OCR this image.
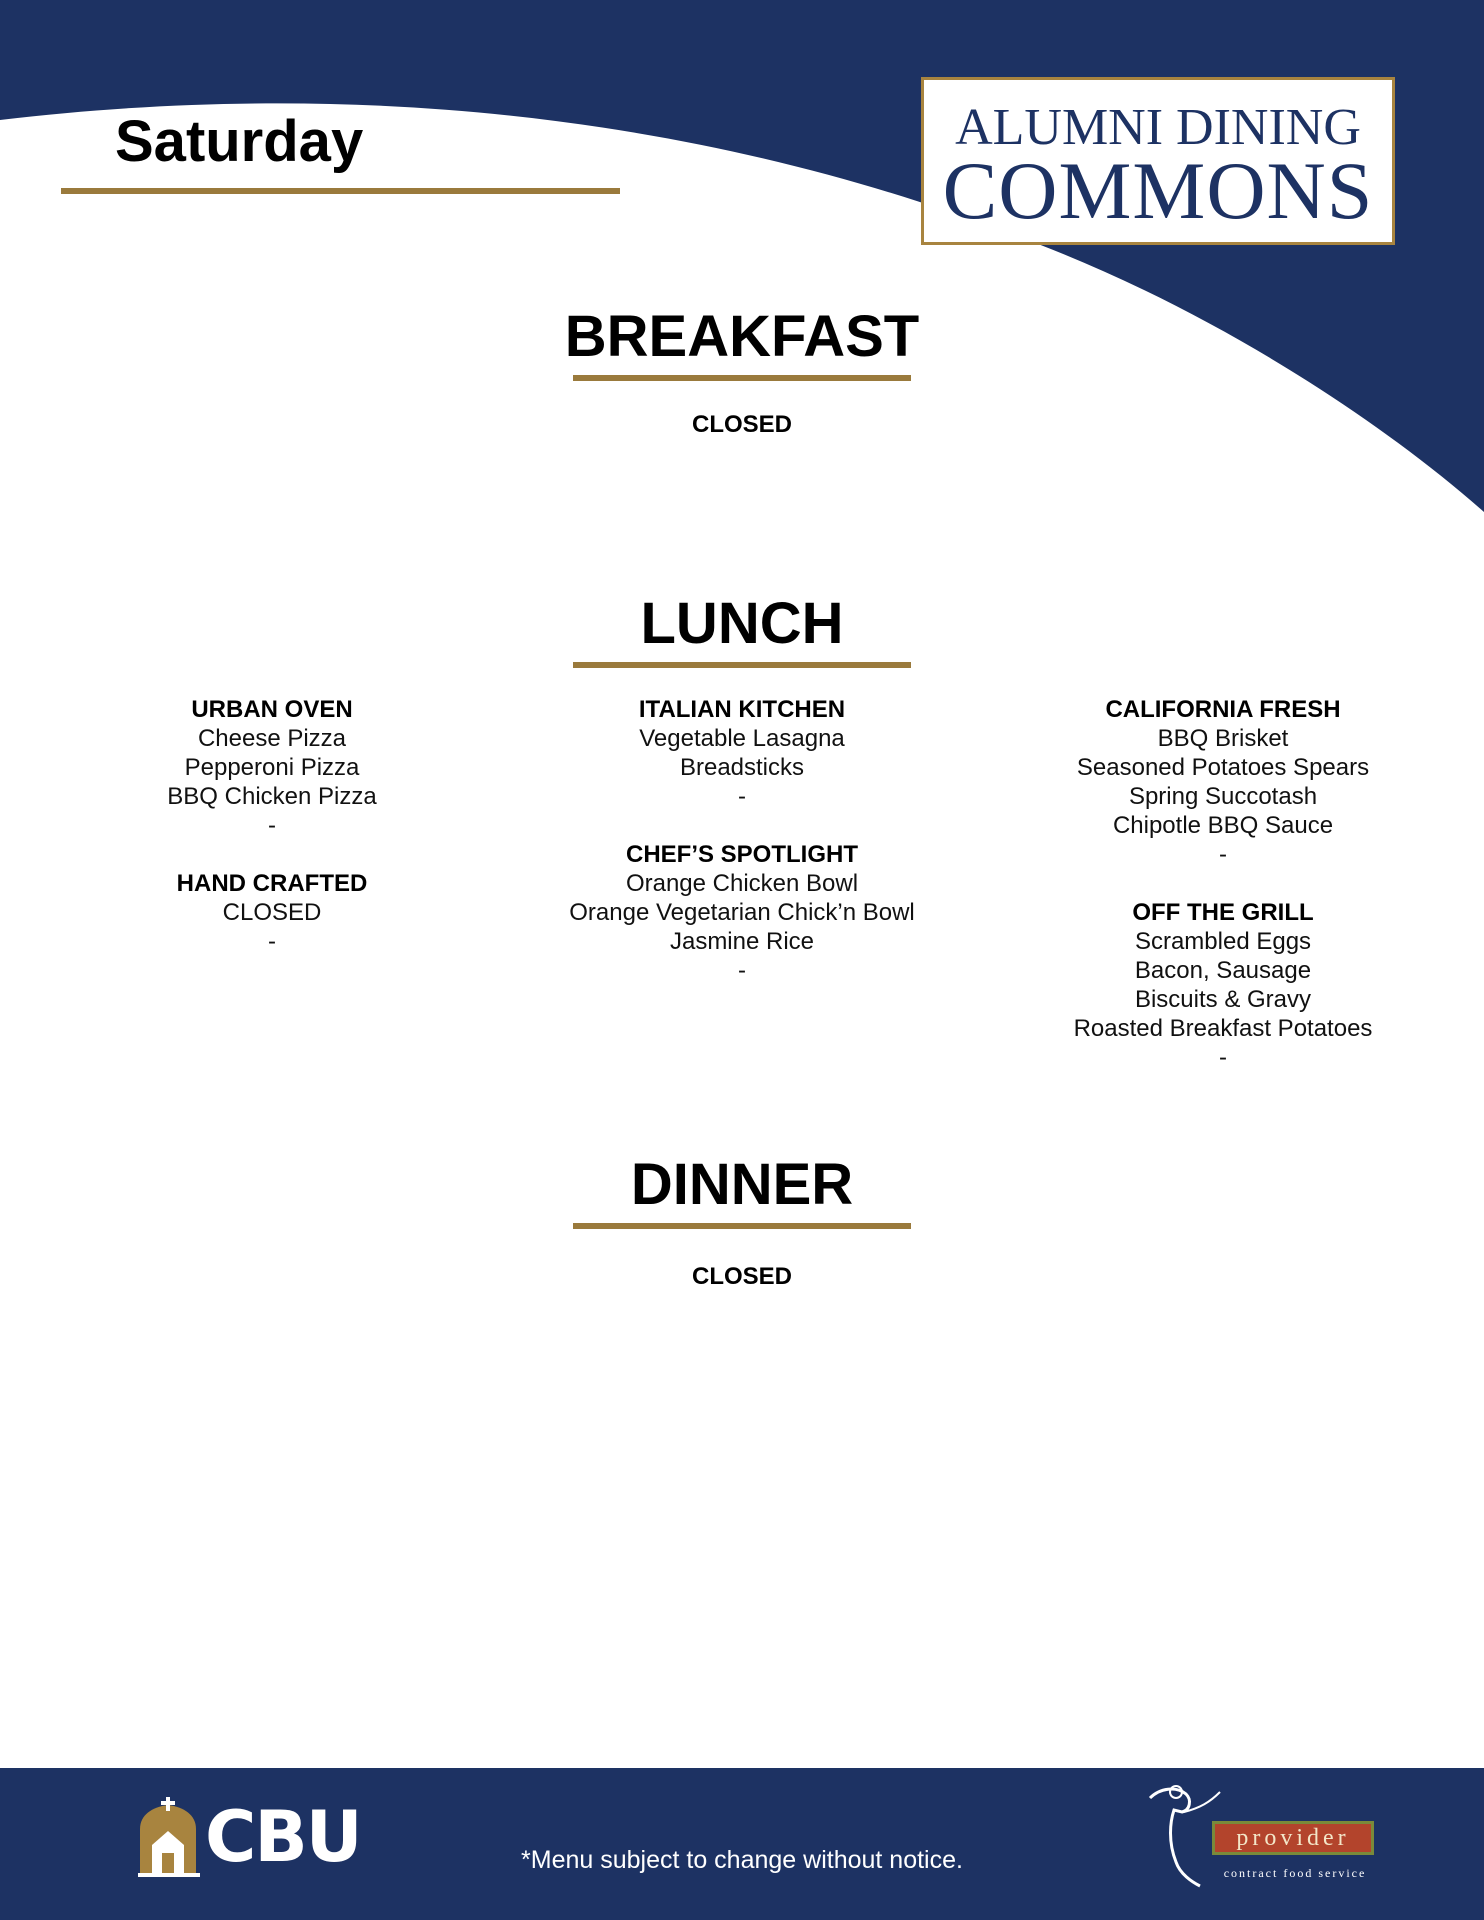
Saturday	ALUMNI DINING
COMMONS
BREAKFAST
CLOSED
LUNCH
URBAN OVEN
Cheese Pizza
Pepperoni Pizza
BBQ Chicken Pizza
-
HAND CRAFTED
CLOSED
-
ITALIAN KITCHEN
Vegetable Lasagna
Breadsticks
-
CHEF’S SPOTLIGHT
Orange Chicken Bowl
Orange Vegetarian Chick’n Bowl
Jasmine Rice
-
CALIFORNIA FRESH
BBQ Brisket
Seasoned Potatoes Spears
Spring Succotash
Chipotle BBQ Sauce
-
OFF THE GRILL
Scrambled Eggs
Bacon, Sausage
Biscuits & Gravy
Roasted Breakfast Potatoes
-
DINNER
CLOSED
CBU	*Menu subject to change without notice.
provider
contract food service
